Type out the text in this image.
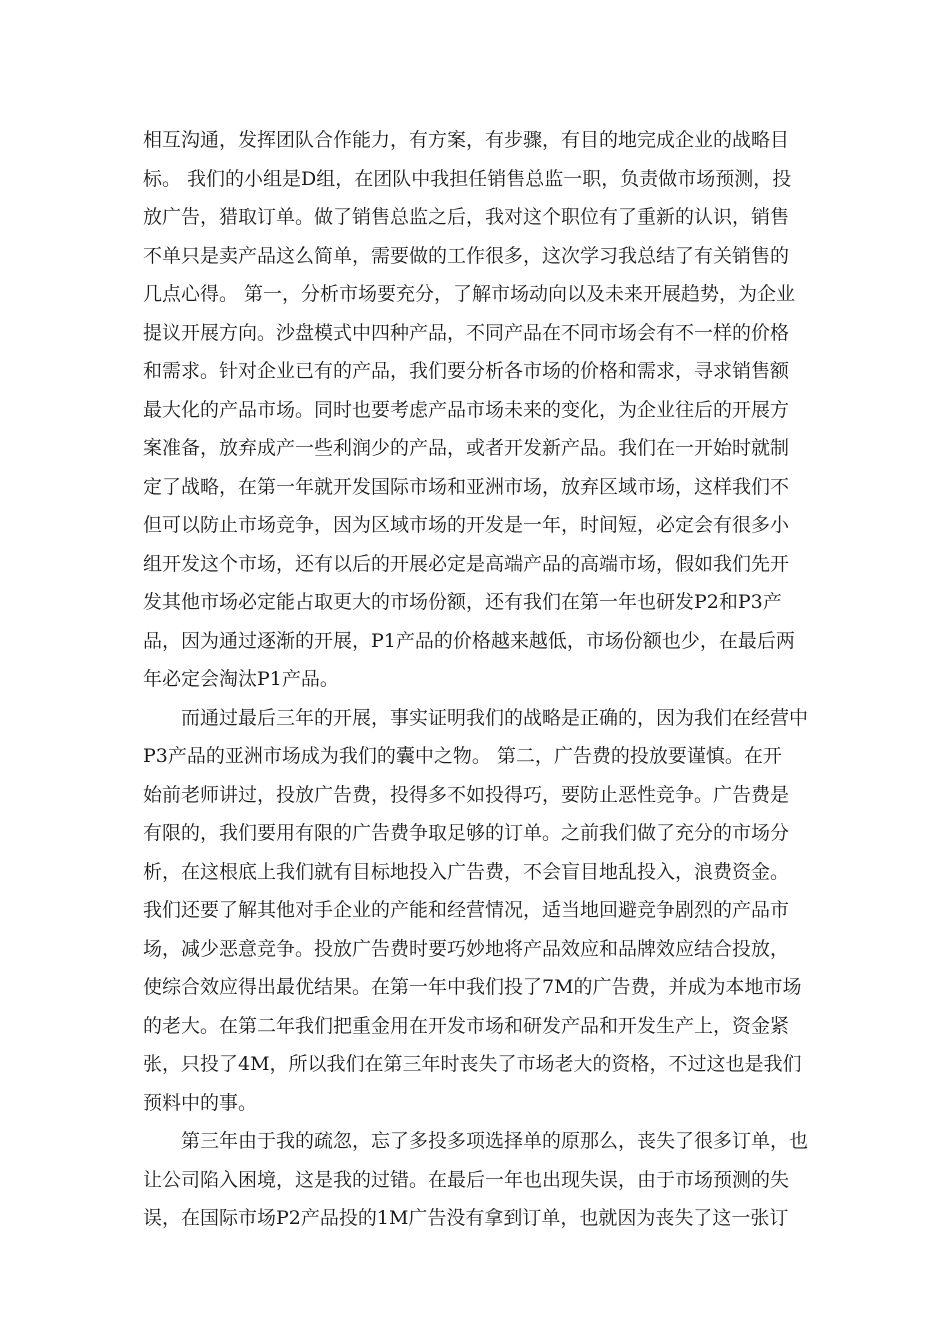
相互沟通，发挥团队合作能力，有方案，有步骤，有目的地完成企业的战略目
标。 我们的小组是D组，在团队中我担任销售总监一职，负责做市场预测，投
放广告，猎取订单。做了销售总监之后，我对这个职位有了重新的认识，销售
不单只是卖产品这么简单，需要做的工作很多，这次学习我总结了有关销售的
几点心得。 第一，分析市场要充分，了解市场动向以及未来开展趋势，为企业
提议开展方向。沙盘模式中四种产品，不同产品在不同市场会有不一样的价格
和需求。针对企业已有的产品，我们要分析各市场的价格和需求，寻求销售额
最大化的产品市场。同时也要考虑产品市场未来的变化，为企业往后的开展方
案准备，放弃成产一些利润少的产品，或者开发新产品。我们在一开始时就制
定了战略，在第一年就开发国际市场和亚洲市场，放弃区域市场，这样我们不
但可以防止市场竞争，因为区域市场的开发是一年，时间短，必定会有很多小
组开发这个市场，还有以后的开展必定是高端产品的高端市场，假如我们先开
发其他市场必定能占取更大的市场份额，还有我们在第一年也研发P2和P3产
品，因为通过逐渐的开展，P1产品的价格越来越低，市场份额也少，在最后两
年必定会淘汰P1产品。
　　而通过最后三年的开展，事实证明我们的战略是正确的，因为我们在经营中
P3产品的亚洲市场成为我们的囊中之物。 第二，广告费的投放要谨慎。在开
始前老师讲过，投放广告费，投得多不如投得巧，要防止恶性竞争。广告费是
有限的，我们要用有限的广告费争取足够的订单。之前我们做了充分的市场分
析，在这根底上我们就有目标地投入广告费，不会盲目地乱投入，浪费资金。
我们还要了解其他对手企业的产能和经营情况，适当地回避竞争剧烈的产品市
场，减少恶意竞争。投放广告费时要巧妙地将产品效应和品牌效应结合投放，
使综合效应得出最优结果。在第一年中我们投了7M的广告费，并成为本地市场
的老大。在第二年我们把重金用在开发市场和研发产品和开发生产上，资金紧
张，只投了4M，所以我们在第三年时丧失了市场老大的资格，不过这也是我们
预料中的事。
　　第三年由于我的疏忽，忘了多投多项选择单的原那么，丧失了很多订单，也
让公司陷入困境，这是我的过错。在最后一年也出现失误，由于市场预测的失
误，在国际市场P2产品投的1M广告没有拿到订单，也就因为丧失了这一张订
